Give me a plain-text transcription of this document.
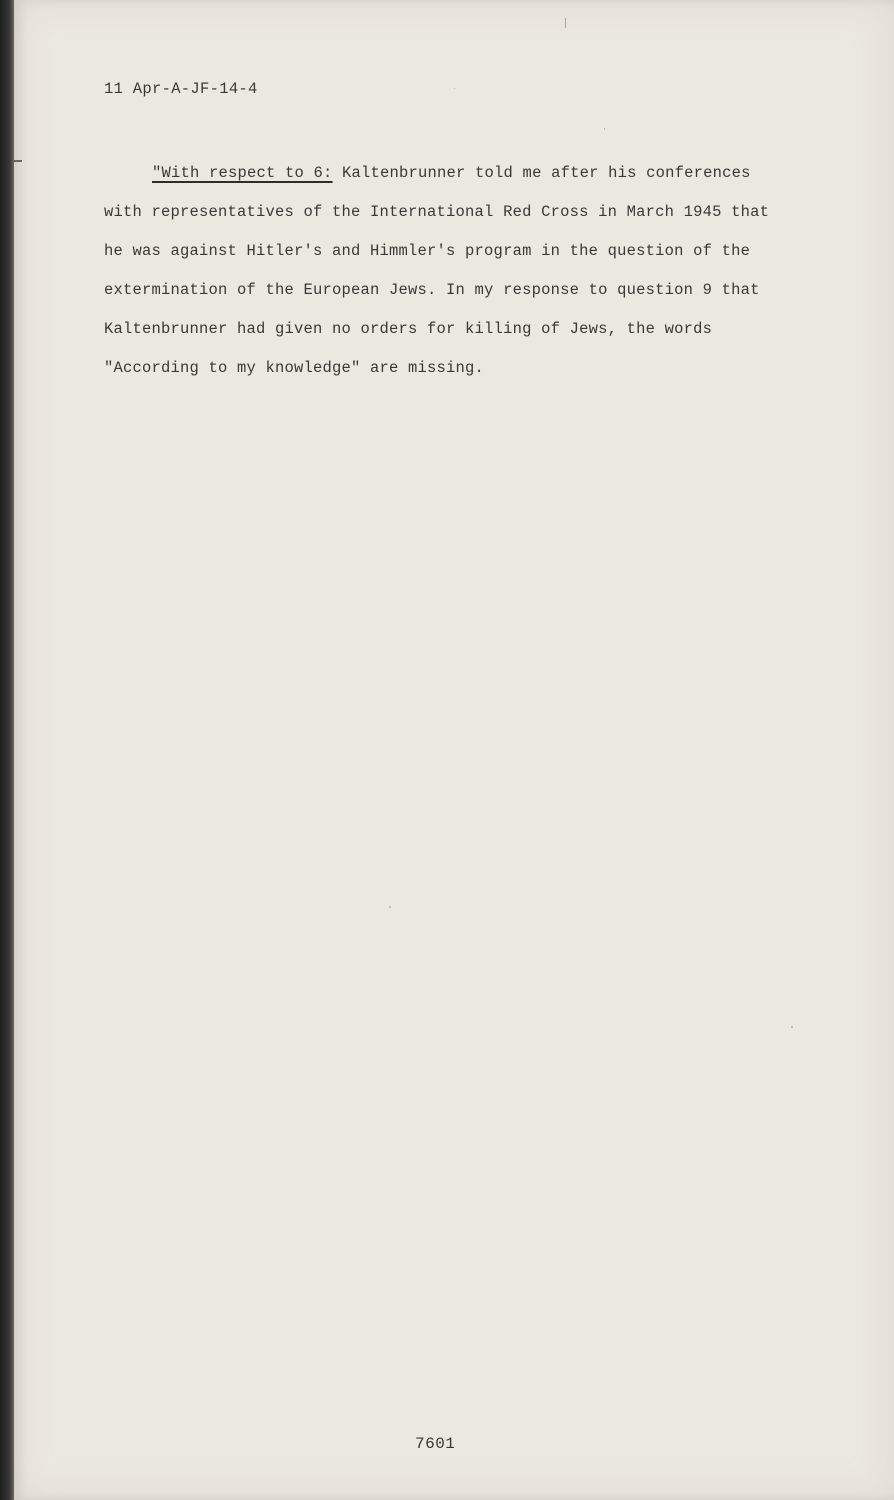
11 Apr-A-JF-14-4

"With respect to 6: Kaltenbrunner told me after his conferences
with representatives of the International Red Cross in March 1945 that
he was against Hitler's and Himmler's program in the question of the
extermination of the European Jews. In my response to question 9 that
Kaltenbrunner had given no orders for killing of Jews, the words
"According to my knowledge" are missing.

7601
